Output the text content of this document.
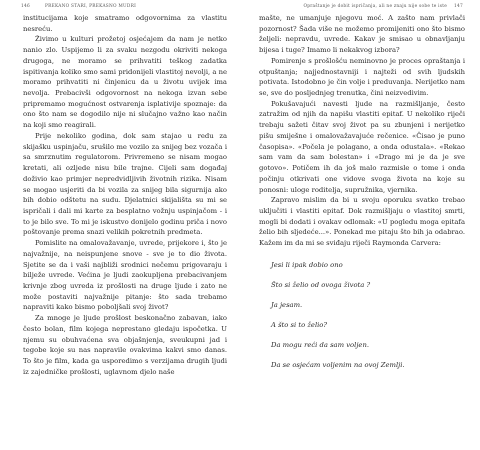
146	PREKANO STARI, PREKASNO MUDRI

institucijama koje smatramo odgovornima za vlastitu nesreću.

Živimo u kulturi prožetoj osjećajem da nam je netko nanio zlo. Uspijemo li za svaku nezgodu okriviti nekoga drugoga, ne moramo se prihvatiti teškog zadatka ispitivanja koliko smo sami pridonijeli vlastitoj nevolji, a ne moramo prihvatiti ni činjenicu da u životu uvijek ima nevolja. Prebacivši odgovornost na nekoga izvan sebe pripremamo mogućnost ostvarenja isplativije spoznaje: da ono što nam se dogodilo nije ni slučajno važno kao način na koji smo reagirali.

Prije nekoliko godina, dok sam stajao u redu za skijašku uspinjaču, srušilo me vozilo za snijeg bez vozača i sa smrznutim regulatorom. Privremeno se nisam mogao kretati, ali ozljede nisu bile trajne. Cijeli sam događaj doživio kao primjer nepredvidljivih životnih rizika. Nisam se mogao usjeriti da bi vozila za snijeg bila sigurnija ako bih dobio odštetu na sudu. Djelatnici skijališta su mi se ispričali i dali mi karte za besplatno vožnju uspinjačom - i to je bilo sve. To mi je iskustvo donijelo godinu priča i novo poštovanje prema snazi velikih pokretnih predmeta.

Pomislite na omalovažavanje, uvrede, prijekore i, što je najvažnije, na neispunjene snove - sve je to dio života. Sjetite se da i vaši najbliži srodnici nečemu prigovaraju i bilježe uvrede. Većina je ljudi zaokupljena prebacivanjem krivnje zbog uvreda iz prošlosti na druge ljude i zato ne može postaviti najvažnije pitanje: što sada trebamo napraviti kako bismo poboljšali svoj život?

Za mnoge je ljude prošlost beskonačno zabavan, iako često bolan, film kojega neprestano gledaju ispočetka. U njemu su obuhvaćena sva objašnjenja, sveukupni jad i tegobe koje su nas napravile ovakvima kakvi smo danas. To što je film, kada ga usporedimo s verzijama drugih ljudi iz zajedničke prošlosti, uglavnom djelo naše

Opraštanje je dobit ispričanja, ali ne znaju nije sobe te iste 147

mašte, ne umanjuje njegovu moć. A zašto nam privlači pozornost? Šada više ne možemo promijeniti ono što bismo željeli: nepravdu, uvrede. Kakav je smisao u obnavljanju bijesa i tuge? Imamo li nekakvog izbora?

Pomirenje s prošlošću neminovno je proces opraštanja i otpuštanja; najjednostavniji i najteži od svih ljudskih potivata. Istodobno je čin volje i preduvanja. Nerijetko nam se, sve do posljednjeg trenutka, čini neizvedivim.

Pokušavajući navesti ljude na razmišljanje, često zatražim od njih da napišu vlastiti epitaf. U nekoliko riječi trebaju sažeti čitav svoj život pa su zbunjeni i nerijetko pišu smiješne i omalovažavajuće rečenice. «Čisao je puno časopisa». «Počela je polagano, a onda odustala». «Rekao sam vam da sam bolestan» i «Drago mi je da je sve gotovo». Potičem ih da još malo razmisle o tome i onda počinju otkrivati one vidove svoga života na koje su ponosni: uloge roditelja, supružnika, vjernika.

Zapravo mislim da bi u svoju oporuku svatko trebao uključiti i vlastiti epitaf. Dok razmišljaju o vlastitoj smrti, mogli bi dodati i ovakav odlomak: «U pogledu moga epitafa želio bih sljedeće...». Ponekad me pitaju što bih ja odabrao. Kažem im da mi se sviđaju riječi Raymonda Carvera:

Jesi li ipak dobio ono
Što si želio od ovoga života ?
Ja jesam.
A što si to želio?
Da mogu reći da sam voljen.
Da se osjećam voljenim na ovoj Zemlji.
